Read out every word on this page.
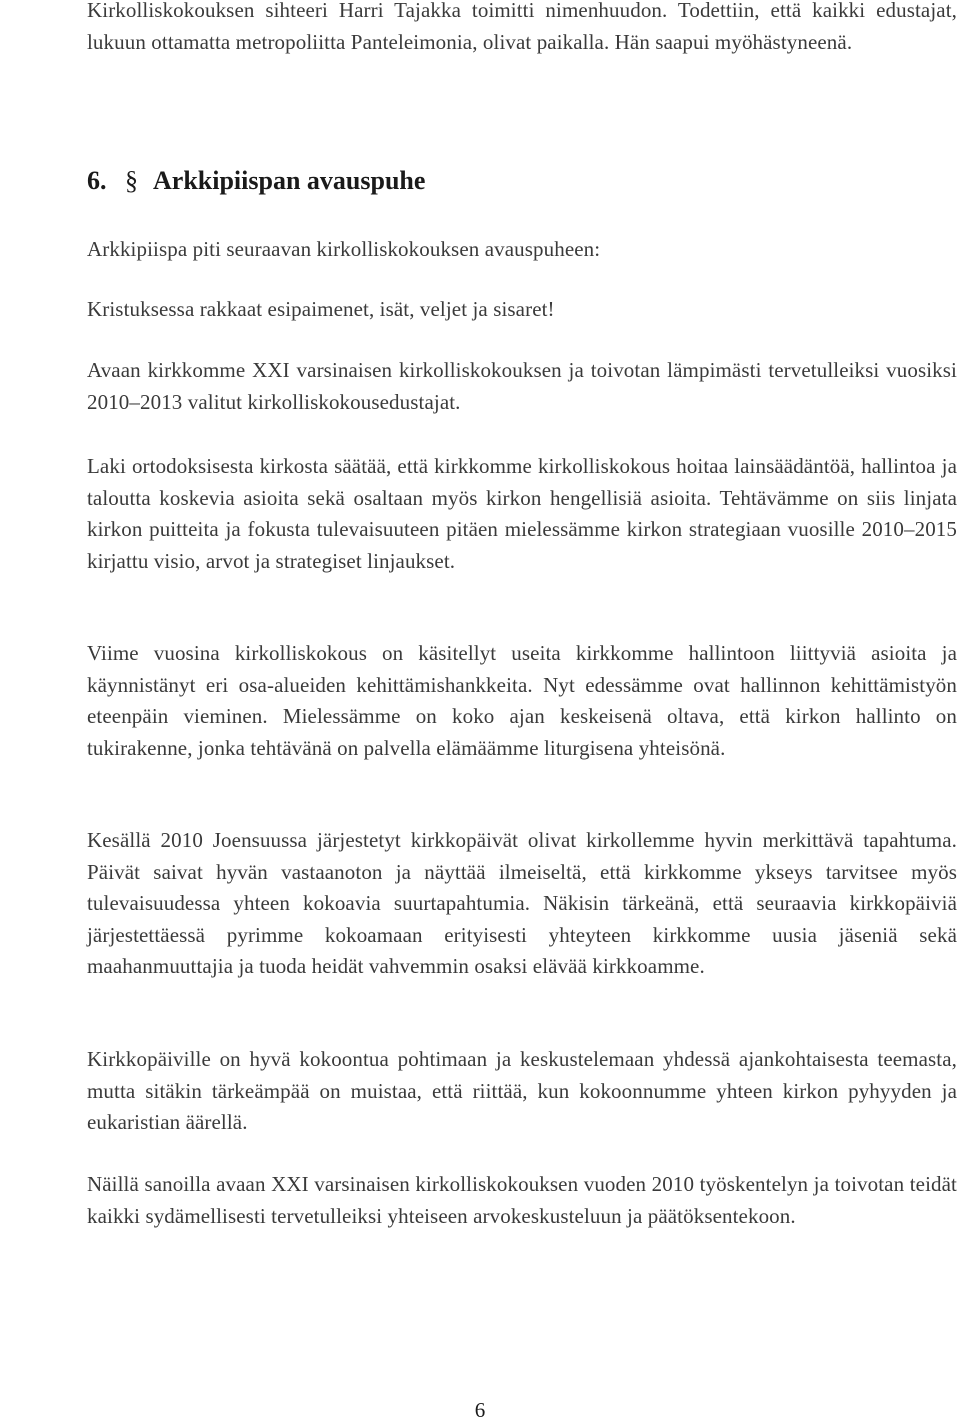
Kirkolliskokouksen sihteeri Harri Tajakka toimitti nimenhuudon. Todettiin, että kaikki edustajat, lukuun ottamatta metropoliitta Panteleimonia, olivat paikalla. Hän saapui myöhästyneenä.

6. § Arkkipiispan avauspuhe

Arkkipiispa piti seuraavan kirkolliskokouksen avauspuheen:

Kristuksessa rakkaat esipaimenet, isät, veljet ja sisaret!

Avaan kirkkomme XXI varsinaisen kirkolliskokouksen ja toivotan lämpimästi tervetulleiksi vuosiksi 2010–2013 valitut kirkolliskokousedustajat.

Laki ortodoksisesta kirkosta säätää, että kirkkomme kirkolliskokous hoitaa lainsäädäntöä, hallintoa ja taloutta koskevia asioita sekä osaltaan myös kirkon hengellisiä asioita. Tehtävämme on siis linjata kirkon puitteita ja fokusta tulevaisuuteen pitäen mielessämme kirkon strategiaan vuosille 2010–2015 kirjattu visio, arvot ja strategiset linjaukset.

Viime vuosina kirkolliskokous on käsitellyt useita kirkkomme hallintoon liittyviä asioita ja käynnistänyt eri osa-alueiden kehittämishankkeita. Nyt edessämme ovat hallinnon kehittämistyön eteenpäin vieminen. Mielessämme on koko ajan keskeisenä oltava, että kirkon hallinto on tukirakenne, jonka tehtävänä on palvella elämäämme liturgisena yhteisönä.

Kesällä 2010 Joensuussa järjestetyt kirkkopäivät olivat kirkollemme hyvin merkittävä tapahtuma. Päivät saivat hyvän vastaanoton ja näyttää ilmeiseltä, että kirkkomme ykseys tarvitsee myös tulevaisuudessa yhteen kokoavia suurtapahtumia. Näkisin tärkeänä, että seuraavia kirkkopäiviä järjestettäessä pyrimme kokoamaan erityisesti yhteyteen kirkkomme uusia jäseniä sekä maahanmuuttajia ja tuoda heidät vahvemmin osaksi elävää kirkkoamme.

Kirkkopäiville on hyvä kokoontua pohtimaan ja keskustelemaan yhdessä ajankohtaisesta teemasta, mutta sitäkin tärkeämpää on muistaa, että riittää, kun kokoonnumme yhteen kirkon pyhyyden ja eukaristian äärellä.

Näillä sanoilla avaan XXI varsinaisen kirkolliskokouksen vuoden 2010 työskentelyn ja toivotan teidät kaikki sydämellisesti tervetulleiksi yhteiseen arvokeskusteluun ja päätöksentekoon.

6
